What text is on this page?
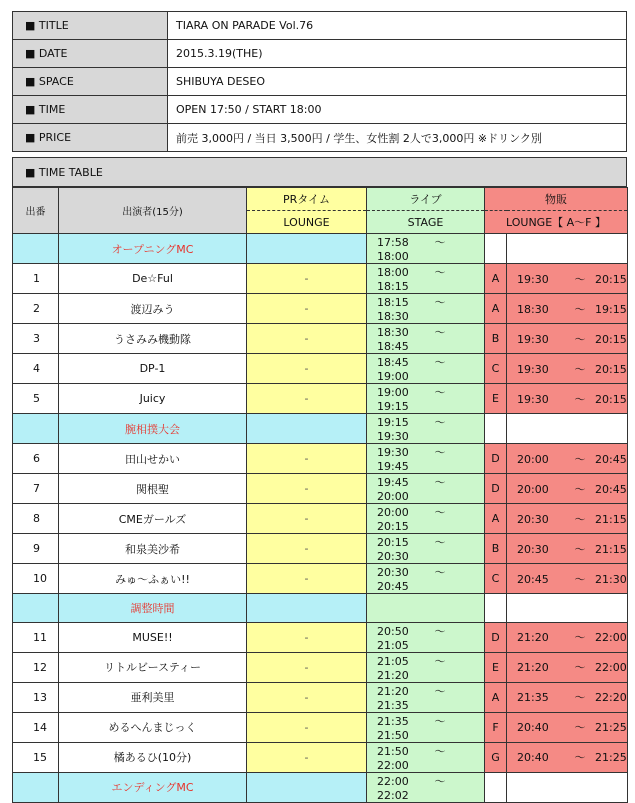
■ TITLE	TIARA ON PARADE Vol.76
■ DATE	2015.3.19(THE)
■ SPACE	SHIBUYA DESEO
■ TIME	OPEN 17:50 / START 18:00
■ PRICE	前売 3,000円 / 当日 3,500円 / 学生、女性割 2人で3,000円 ※ドリンク別
■ TIME TABLE
出番	出演者(15分)	PRタイム	ライブ	物販	
		LOUNGE	STAGE	LOUNGE【 A～F 】	
	オープニングMC		17:58 ～18:00		
1	De☆Ful	-	18:00 ～18:15	A	19:30 ～ 20:15
2	渡辺みう	-	18:15 ～18:30	A	18:30 ～ 19:15
3	うさみみ機動隊	-	18:30 ～18:45	B	19:30 ～ 20:15
4	DP-1	-	18:45 ～19:00	C	19:30 ～ 20:15
5	Juicy	-	19:00 ～19:15	E	19:30 ～ 20:15
	腕相撲大会		19:15 ～19:30		
6	田山せかい	-	19:30 ～19:45	D	20:00 ～ 20:45
7	関根聖	-	19:45 ～20:00	D	20:00 ～ 20:45
8	CMEガールズ	-	20:00 ～20:15	A	20:30 ～ 21:15
9	和泉美沙希	-	20:15 ～20:30	B	20:30 ～ 21:15
10	みゅ～ふぁい!!	-	20:30 ～20:45	C	20:45 ～ 21:30
	調整時間				
11	MUSE!!	-	20:50 ～21:05	D	21:20 ～ 22:00
12	リトルビースティー	-	21:05 ～21:20	E	21:20 ～ 22:00
13	亜利美里	-	21:20 ～21:35	A	21:35 ～ 22:20
14	めるへんまじっく	-	21:35 ～21:50	F	20:40 ～ 21:25
15	橘あるひ(10分)	-	21:50 ～22:00	G	20:40 ～ 21:25
	エンディングMC		22:00 ～22:02		
